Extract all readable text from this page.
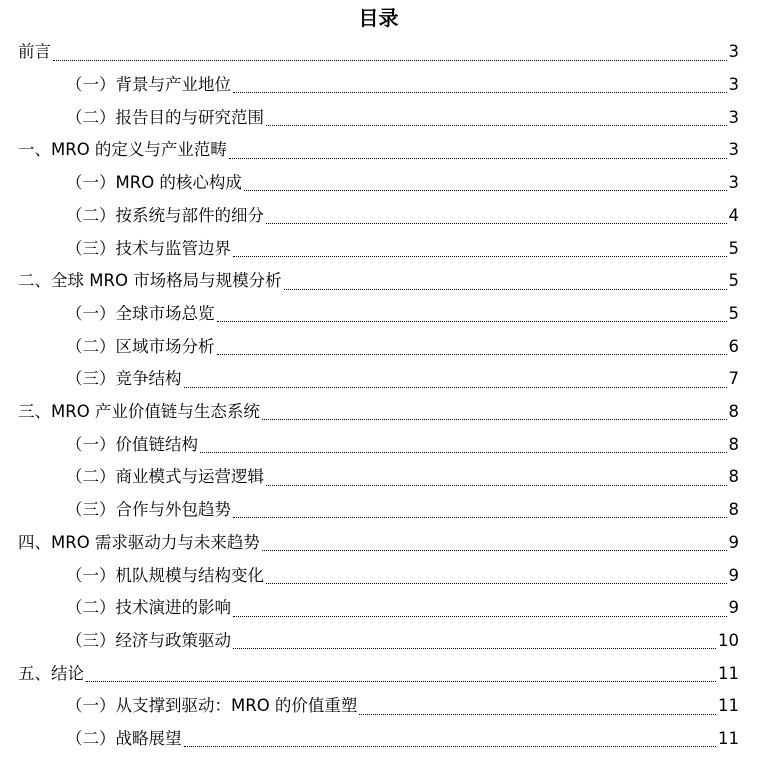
目录
前言	3
（一）背景与产业地位	3
（二）报告目的与研究范围	3
一、MRO 的定义与产业范畴	3
（一）MRO 的核心构成	3
（二）按系统与部件的细分	4
（三）技术与监管边界	5
二、全球 MRO 市场格局与规模分析	5
（一）全球市场总览	5
（二）区域市场分析	6
（三）竞争结构	7
三、MRO 产业价值链与生态系统	8
（一）价值链结构	8
（二）商业模式与运营逻辑	8
（三）合作与外包趋势	8
四、MRO 需求驱动力与未来趋势	9
（一）机队规模与结构变化	9
（二）技术演进的影响	9
（三）经济与政策驱动	10
五、结论	11
（一）从支撑到驱动：MRO 的价值重塑	11
（二）战略展望	11
